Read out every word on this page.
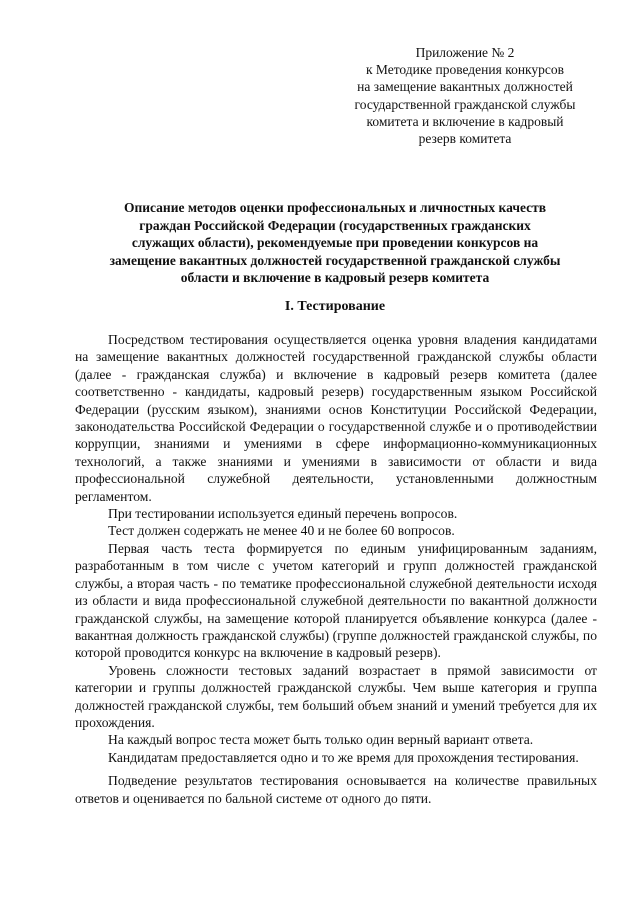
Приложение № 2
к Методике проведения конкурсов
на замещение вакантных должностей
государственной гражданской службы
комитета и включение в кадровый
резерв комитета
Описание методов оценки профессиональных и личностных качеств
граждан Российской Федерации (государственных гражданских
служащих области), рекомендуемые при проведении конкурсов на
замещение вакантных должностей государственной гражданской службы
области и включение в кадровый резерв комитета
I. Тестирование

Посредством тестирования осуществляется оценка уровня владения кандидатами на замещение вакантных должностей государственной гражданской службы области (далее - гражданская служба) и включение в кадровый резерв комитета (далее соответственно - кандидаты, кадровый резерв) государственным языком Российской Федерации (русским языком), знаниями основ Конституции Российской Федерации, законодательства Российской Федерации о государственной службе и о противодействии коррупции, знаниями и умениями в сфере информационно-коммуникационных технологий, а также знаниями и умениями в зависимости от области и вида профессиональной служебной деятельности, установленными должностным регламентом.

При тестировании используется единый перечень вопросов.

Тест должен содержать не менее 40 и не более 60 вопросов.

Первая часть теста формируется по единым унифицированным заданиям, разработанным в том числе с учетом категорий и групп должностей гражданской службы, а вторая часть - по тематике профессиональной служебной деятельности исходя из области и вида профессиональной служебной деятельности по вакантной должности гражданской службы, на замещение которой планируется объявление конкурса (далее - вакантная должность гражданской службы) (группе должностей гражданской службы, по которой проводится конкурс на включение в кадровый резерв).

Уровень сложности тестовых заданий возрастает в прямой зависимости от категории и группы должностей гражданской службы. Чем выше категория и группа должностей гражданской службы, тем больший объем знаний и умений требуется для их прохождения.

На каждый вопрос теста может быть только один верный вариант ответа.

Кандидатам предоставляется одно и то же время для прохождения тестирования.

Подведение результатов тестирования основывается на количестве правильных ответов и оценивается по бальной системе от одного до пяти.
